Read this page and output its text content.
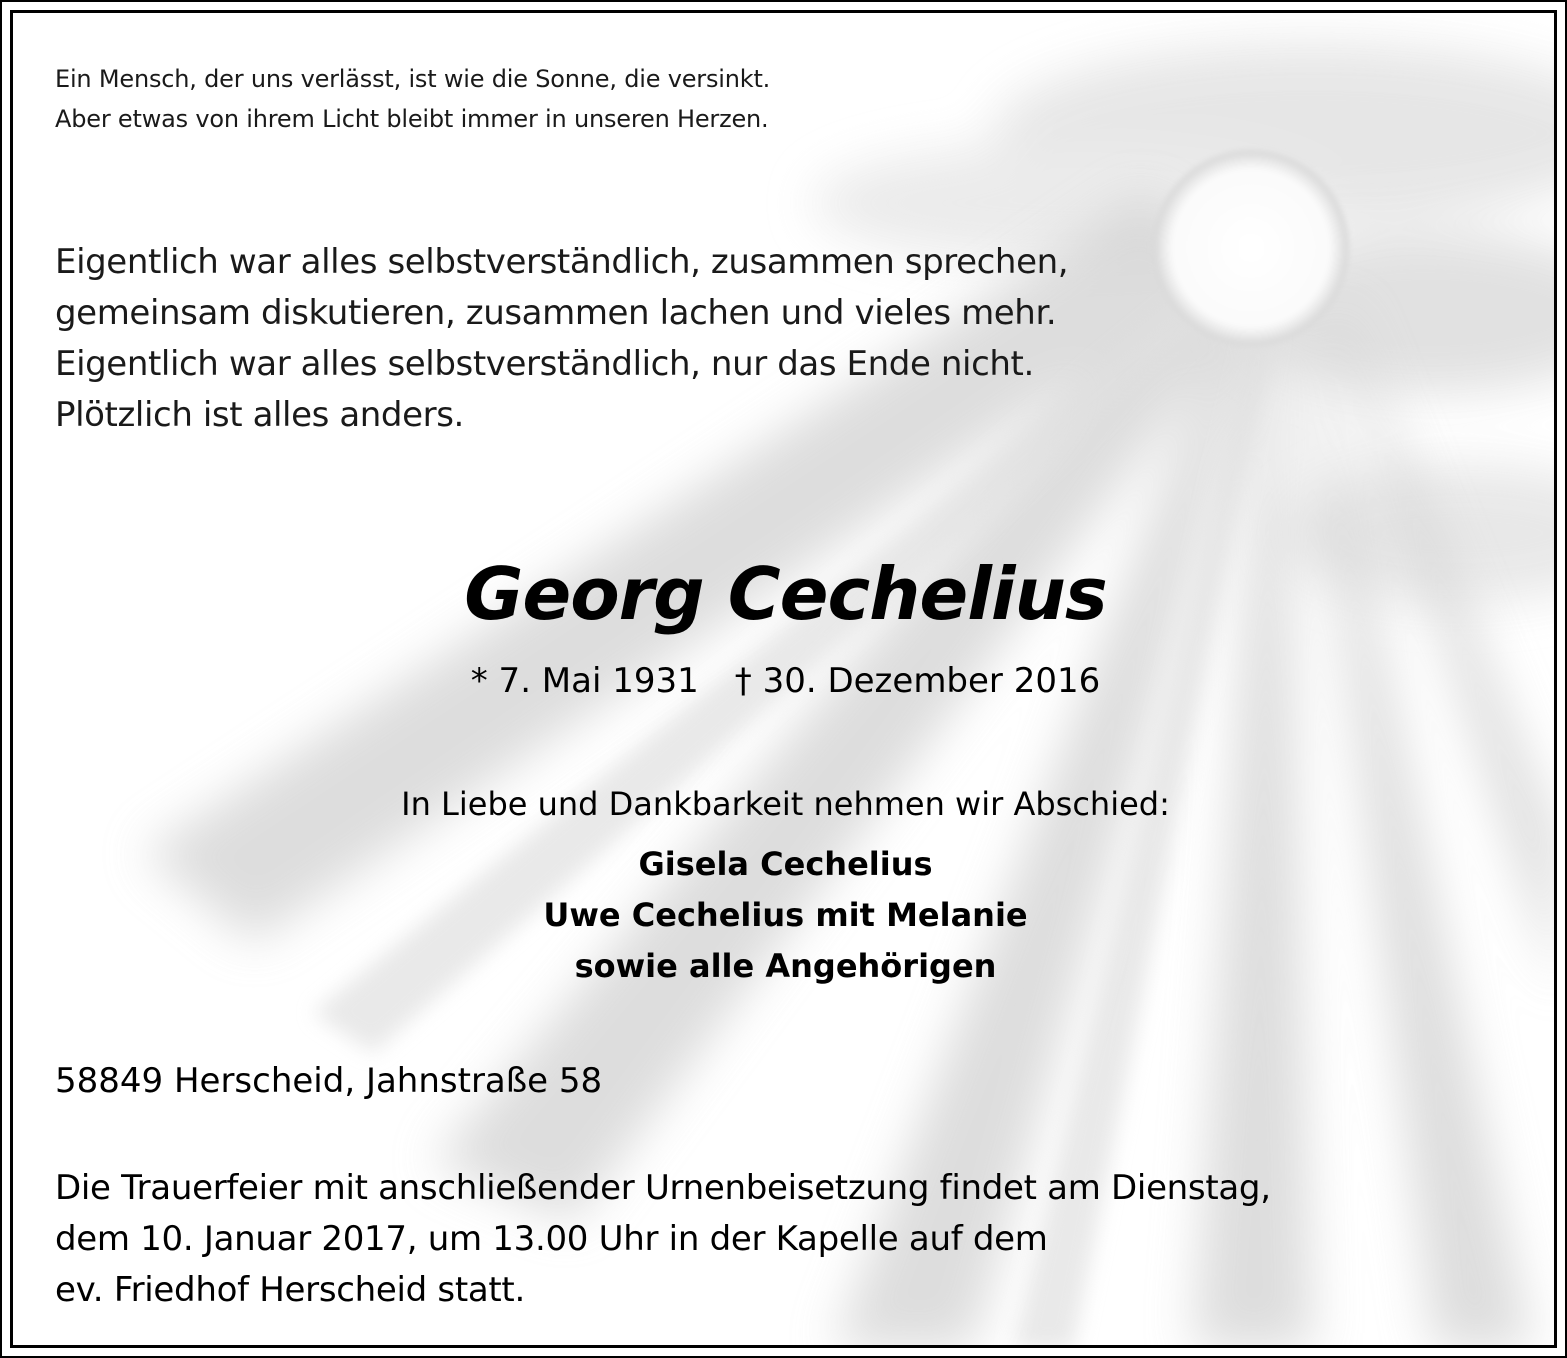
Ein Mensch, der uns verlässt, ist wie die Sonne, die versinkt.
Aber etwas von ihrem Licht bleibt immer in unseren Herzen.
Eigentlich war alles selbstverständlich, zusammen sprechen,
gemeinsam diskutieren, zusammen lachen und vieles mehr.
Eigentlich war alles selbstverständlich, nur das Ende nicht.
Plötzlich ist alles anders.
Georg Cechelius
* 7. Mai 1931 † 30. Dezember 2016
In Liebe und Dankbarkeit nehmen wir Abschied:
Gisela Cechelius
Uwe Cechelius mit Melanie
sowie alle Angehörigen
58849 Herscheid, Jahnstraße 58
Die Trauerfeier mit anschließender Urnenbeisetzung findet am Dienstag,
dem 10. Januar 2017, um 13.00 Uhr in der Kapelle auf dem
ev. Friedhof Herscheid statt.
